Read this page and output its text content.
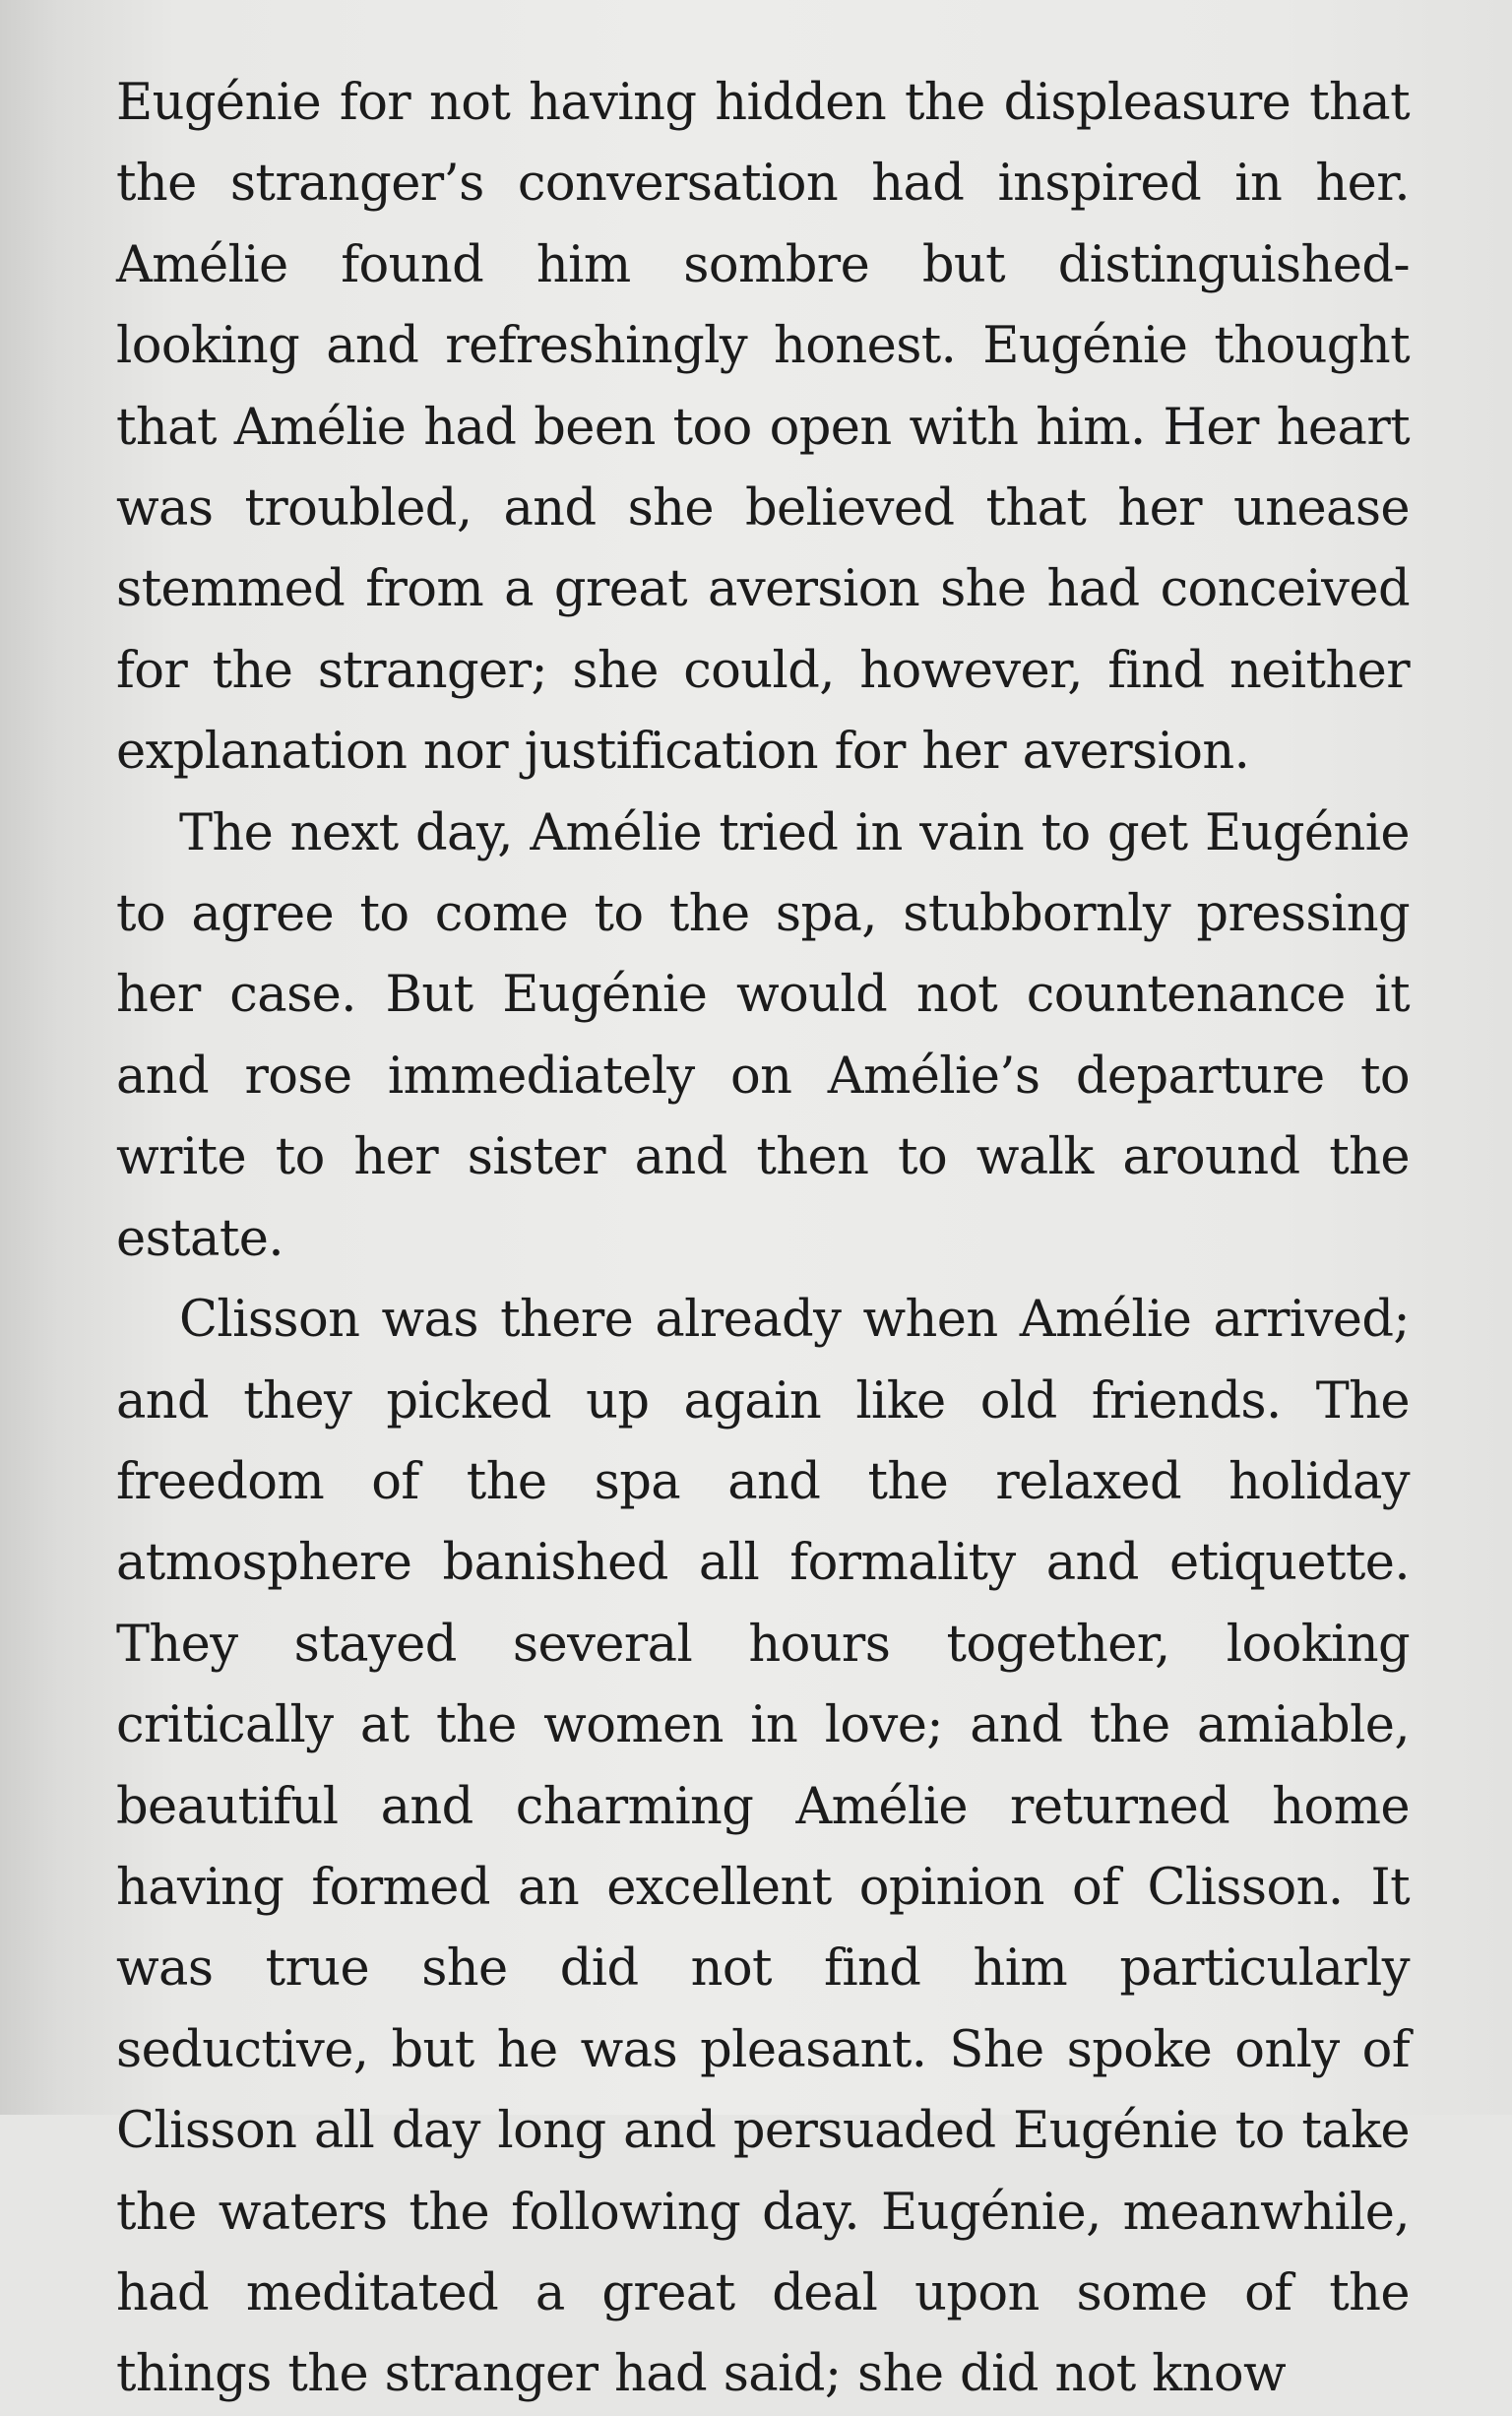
Eugénie for not having hidden the displeasure that the stranger’s conversation had inspired in her. Amélie found him sombre but distinguished-looking and refreshingly honest. Eugénie thought that Amélie had been too open with him. Her heart was troubled, and she believed that her unease stemmed from a great aversion she had conceived for the stranger; she could, however, find neither explanation nor justification for her aversion.

The next day, Amélie tried in vain to get Eugénie to agree to come to the spa, stubbornly pressing her case. But Eugénie would not countenance it and rose immediately on Amélie’s departure to write to her sister and then to walk around the estate.

Clisson was there already when Amélie arrived; and they picked up again like old friends. The freedom of the spa and the relaxed holiday atmosphere banished all formality and etiquette. They stayed several hours together, looking critically at the women in love; and the amiable, beautiful and charming Amélie returned home having formed an excellent opinion of Clisson. It was true she did not find him particularly seductive, but he was pleasant. She spoke only of Clisson all day long and persuaded Eugénie to take the waters the following day. Eugénie, meanwhile, had meditated a great deal upon some of the things the stranger had said; she did not know
